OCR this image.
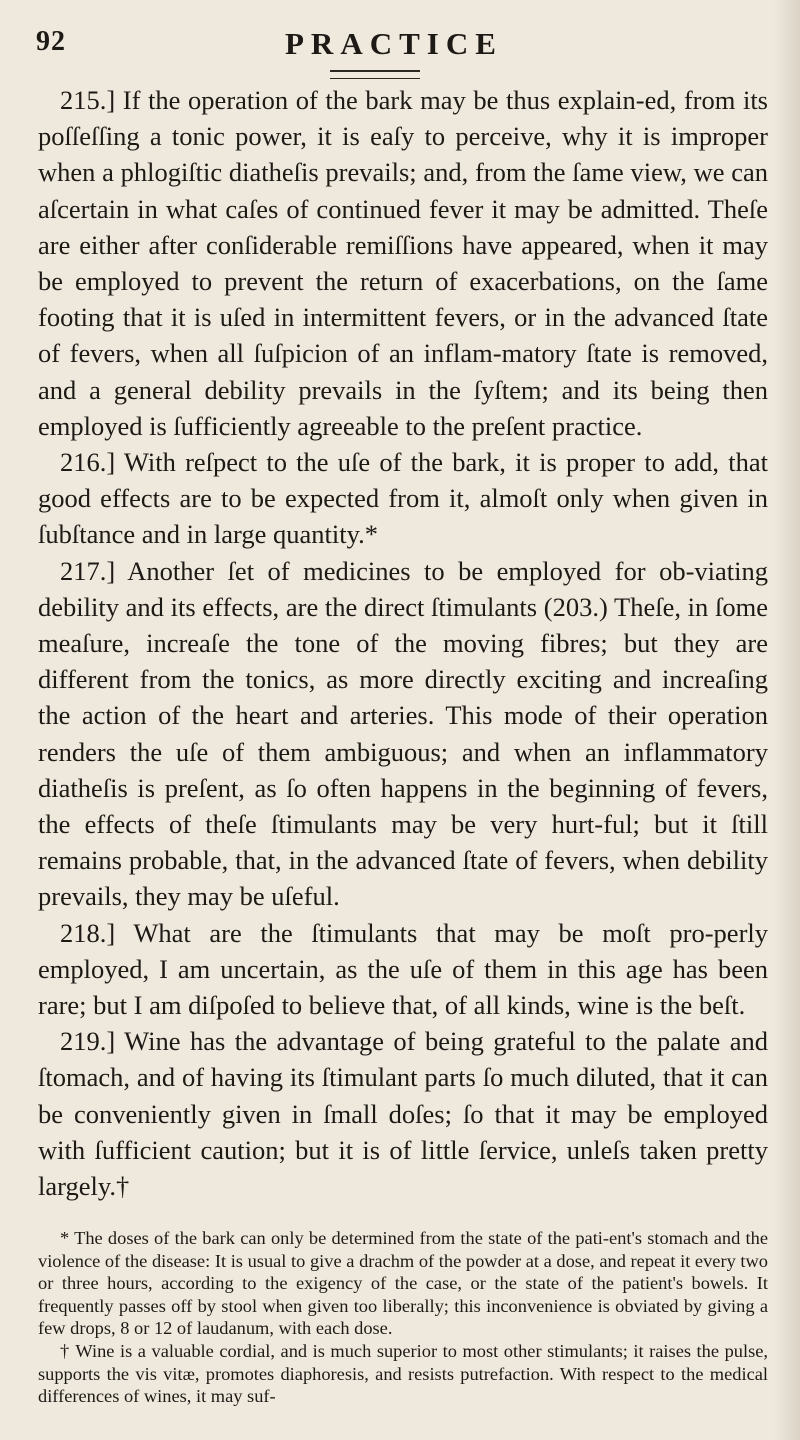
92	PRACTICE

215.] If the operation of the bark may be thus explain-ed, from its poſſeſſing a tonic power, it is eaſy to perceive, why it is improper when a phlogiſtic diatheſis prevails; and, from the ſame view, we can aſcertain in what caſes of continued fever it may be admitted. Theſe are either after conſiderable remiſſions have appeared, when it may be employed to prevent the return of exacerbations, on the ſame footing that it is uſed in intermittent fevers, or in the advanced ſtate of fevers, when all ſuſpicion of an inflam-matory ſtate is removed, and a general debility prevails in the ſyſtem; and its being then employed is ſufficiently agreeable to the preſent practice.

216.] With reſpect to the uſe of the bark, it is proper to add, that good effects are to be expected from it, almoſt only when given in ſubſtance and in large quantity.*

217.] Another ſet of medicines to be employed for ob-viating debility and its effects, are the direct ſtimulants (203.) Theſe, in ſome meaſure, increaſe the tone of the moving fibres; but they are different from the tonics, as more directly exciting and increaſing the action of the heart and arteries. This mode of their operation renders the uſe of them ambiguous; and when an inflammatory diatheſis is preſent, as ſo often happens in the beginning of fevers, the effects of theſe ſtimulants may be very hurt-ful; but it ſtill remains probable, that, in the advanced ſtate of fevers, when debility prevails, they may be uſeful.

218.] What are the ſtimulants that may be moſt pro-perly employed, I am uncertain, as the uſe of them in this age has been rare; but I am diſpoſed to believe that, of all kinds, wine is the beſt.

219.] Wine has the advantage of being grateful to the palate and ſtomach, and of having its ſtimulant parts ſo much diluted, that it can be conveniently given in ſmall doſes; ſo that it may be employed with ſufficient caution; but it is of little ſervice, unleſs taken pretty largely.†

* The doses of the bark can only be determined from the state of the pati-ent's stomach and the violence of the disease: It is usual to give a drachm of the powder at a dose, and repeat it every two or three hours, according to the exigency of the case, or the state of the patient's bowels. It frequently passes off by stool when given too liberally; this inconvenience is obviated by giving a few drops, 8 or 12 of laudanum, with each dose.

† Wine is a valuable cordial, and is much superior to most other stimulants; it raises the pulse, supports the vis vitæ, promotes diaphoresis, and resists putrefaction. With respect to the medical differences of wines, it may suf-
